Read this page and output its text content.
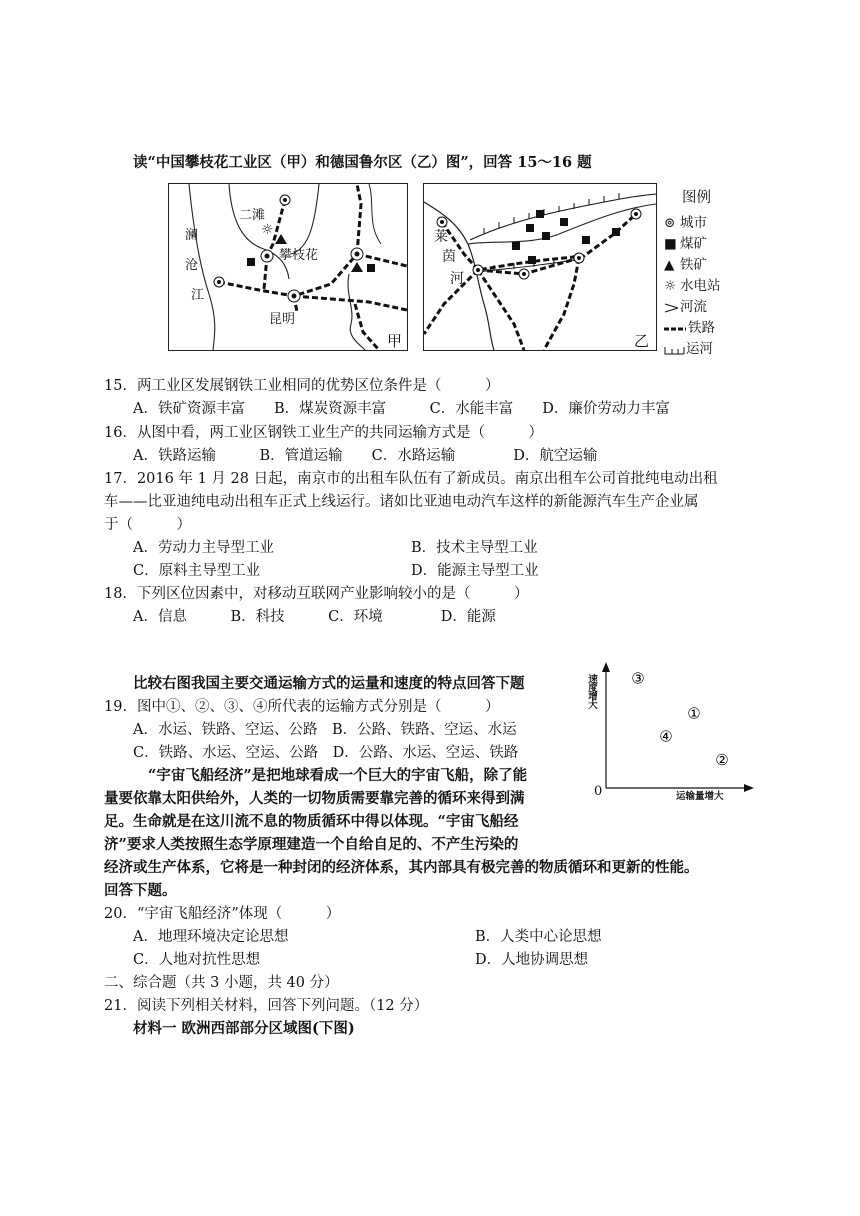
读“中国攀枝花工业区（甲）和德国鲁尔区（乙）图”，回答 15～16 题
☼
二滩
澜
沧
江
攀枝花
昆明
甲
莱
茵
河
乙
图例
⊚ 城市
■ 煤矿
▲ 铁矿
☼ 水电站
河流
铁路
运河
15．两工业区发展钢铁工业相同的优势区位条件是（　　　）
A．铁矿资源丰富　　B．煤炭资源丰富　　　C．水能丰富　　D．廉价劳动力丰富
16．从图中看，两工业区钢铁工业生产的共同运输方式是（　　　）
A．铁路运输　　　B．管道运输　　C．水路运输　　　　D．航空运输
17．2016 年 1 月 28 日起，南京市的出租车队伍有了新成员。南京出租车公司首批纯电动出租
车——比亚迪纯电动出租车正式上线运行。诸如比亚迪电动汽车这样的新能源汽车生产企业属
于（　　　）
A．劳动力主导型工业	B．技术主导型工业
C．原料主导型工业	D．能源主导型工业
18．下列区位因素中，对移动互联网产业影响较小的是（　　　）
A．信息　　　B．科技　　　C．环境　　　　D．能源
比较右图我国主要交通运输方式的运量和速度的特点回答下题
19．图中①、②、③、④所代表的运输方式分别是（　　　）
A．水运、铁路、空运、公路　B．公路、铁路、空运、水运
C．铁路、水运、空运、公路　D．公路、水运、空运、铁路
③
①
④
②
速度增大
运输量增大
0
“宇宙飞船经济”是把地球看成一个巨大的宇宙飞船，除了能
量要依靠太阳供给外，人类的一切物质需要靠完善的循环来得到满
足。生命就是在这川流不息的物质循环中得以体现。“宇宙飞船经
济”要求人类按照生态学原理建造一个自给自足的、不产生污染的
经济或生产体系，它将是一种封闭的经济体系，其内部具有极完善的物质循环和更新的性能。
回答下题。
20．“宇宙飞船经济”体现（　　　）
A．地理环境决定论思想	B．人类中心论思想
C．人地对抗性思想	D．人地协调思想
二、综合题（共 3 小题，共 40 分）
21．阅读下列相关材料，回答下列问题。（12 分）
材料一 欧洲西部部分区域图(下图)
